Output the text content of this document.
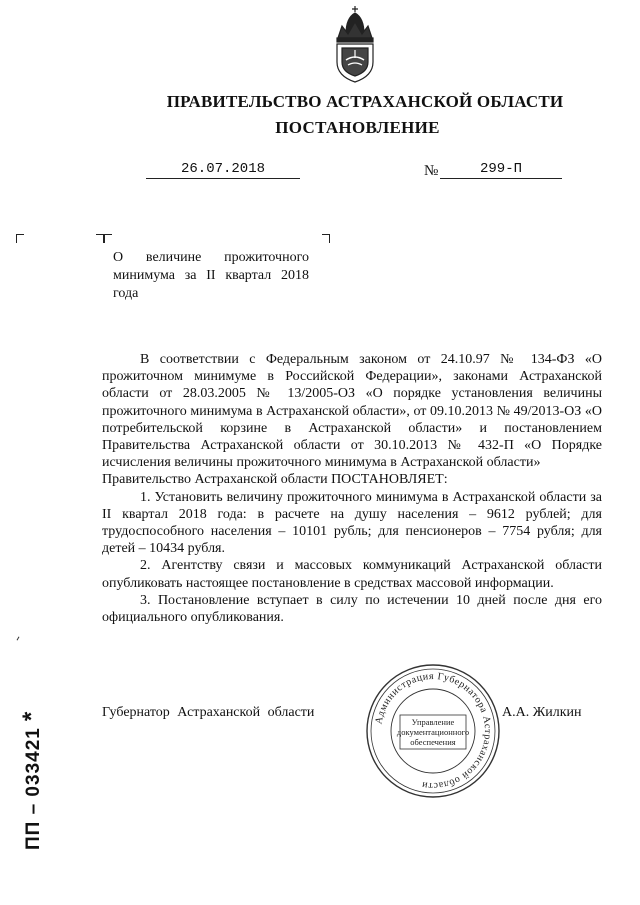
ПРАВИТЕЛЬСТВО АСТРАХАНСКОЙ ОБЛАСТИ
ПОСТАНОВЛЕНИЕ
26.07.2018	№	299-П
О величине прожиточного минимума за II квартал 2018 года

В соответствии с Федеральным законом от 24.10.97 № 134-ФЗ «О прожиточном минимуме в Российской Федерации», законами Астраханской области от 28.03.2005 № 13/2005-ОЗ «О порядке установления величины прожиточного минимума в Астраханской области», от 09.10.2013 № 49/2013-ОЗ «О потребительской корзине в Астраханской области» и постановлением Правительства Астраханской области от 30.10.2013 № 432-П «О Порядке исчисления величины прожиточного минимума в Астраханской области»

Правительство Астраханской области ПОСТАНОВЛЯЕТ:

1. Установить величину прожиточного минимума в Астраханской области за II квартал 2018 года: в расчете на душу населения – 9612 рублей; для трудоспособного населения – 10101 рубль; для пенсионеров – 7754 рубля; для детей – 10434 рубля.

2. Агентству связи и массовых коммуникаций Астраханской области опубликовать настоящее постановление в средствах массовой информации.

3. Постановление вступает в силу по истечении 10 дней после дня его официального опубликования.

Губернатор Астраханской области	А.А. Жилкин
Администрация Губернатора Астраханской области
Управление
документационного
обеспечения
ПП – 033421*
